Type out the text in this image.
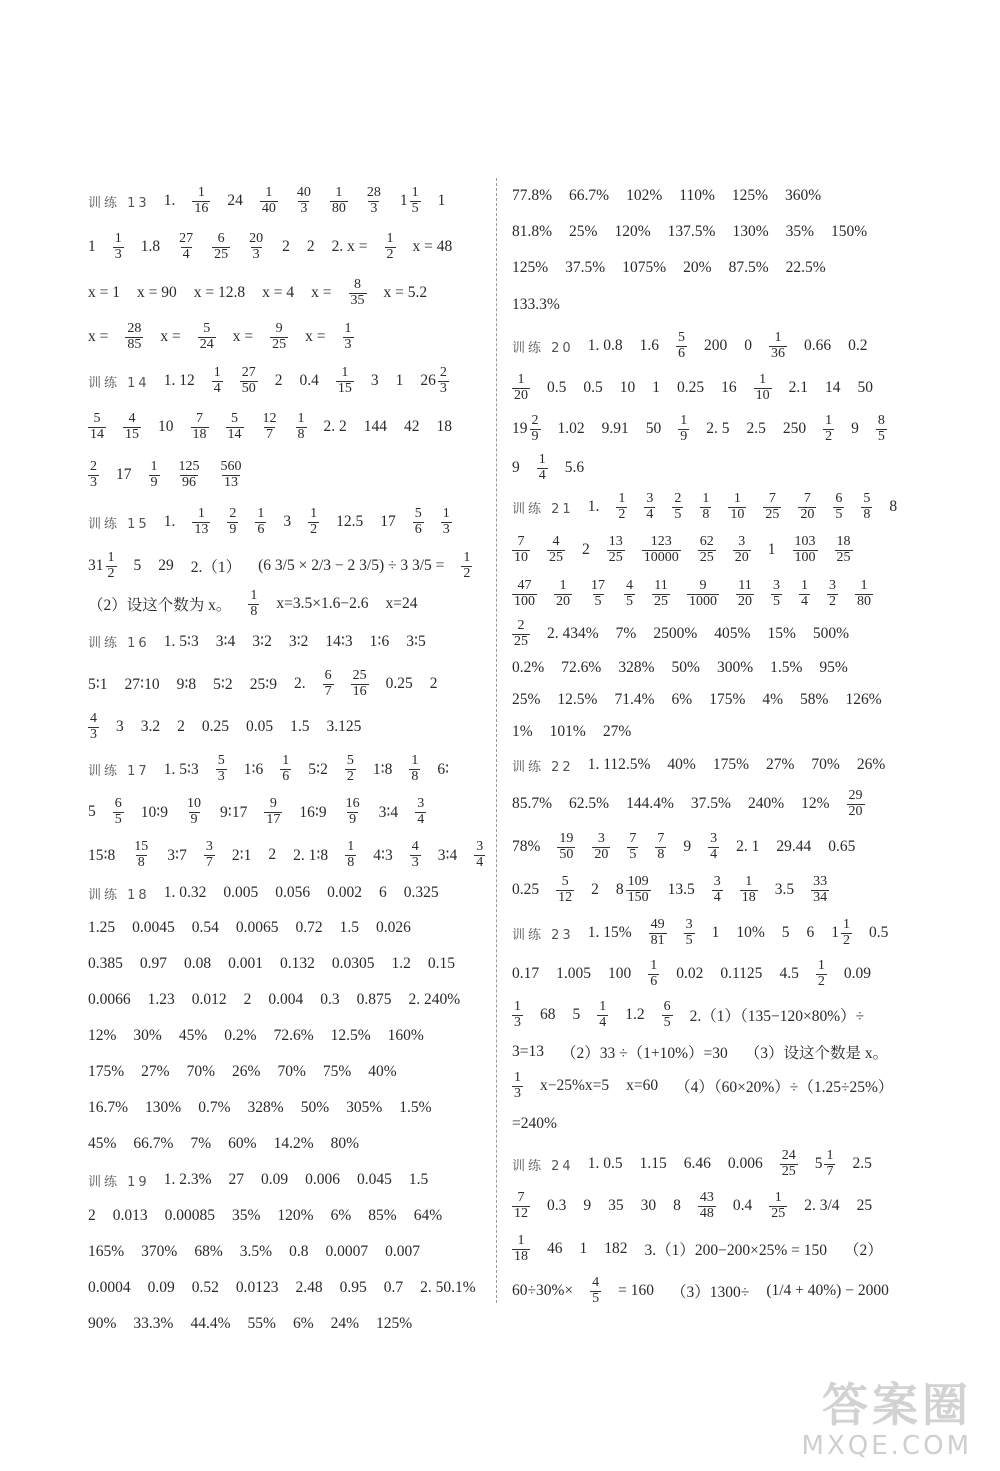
训练 13 1. $\frac{1}{16} 24 \frac{1}{40} \frac{40}{3} \frac{1}{80} \frac{28}{3} 1 \frac{1}{5} 1$
$1 \frac{1}{3} 1.8 \frac{27}{4} \frac{6}{25} \frac{20}{3} 2$ 2 2. $x = \frac{1}{2}$ x = 48
x = 1 x = 90 x = 12.8 x = 4 $x = \frac{8}{35}$ x = 5.2
$x = \frac{28}{85}$ $x = \frac{5}{24}$ $x = \frac{9}{25}$ $x = \frac{1}{3}$
训练 14 1. $12 \frac{1}{4} \frac{27}{50} 2$ $0.4 \frac{1}{15} 3$ 1 $26 \frac{2}{3}$
$\frac{5}{14} \frac{4}{15} 10 \frac{7}{18} \frac{5}{14} \frac{12}{7} \frac{1}{8} 2$. 2 144 42 18
$\frac{2}{3} 17 \frac{1}{9} \frac{125}{96} \frac{560}{13}$
训练 15 1. $\frac{1}{13} \frac{2}{9} \frac{1}{6} 3 \frac{1}{2} 12.5$ $17 \frac{5}{6} \frac{1}{3}$
$31 \frac{1}{2} 5$ 29 2.（1） (6 3/5 × 2/3 − 2 3/5) ÷ 3 $3/5 = \frac{1}{2}$
（2）设这个数为 x。 $\frac{1}{8} x=3.5\times 1.6-2.6$ x=24
训练 16 1. 5∶3 3∶4 3∶2 3∶2 14∶3 1∶6 3∶5
5∶1 27∶10 9∶8 5∶2 25∶9 2. $\frac{6}{7} \frac{25}{16} 0.25$ 2
$\frac{4}{3} 3$ 3.2 2 0.25 0.05 1.5 3.125
训练 17 1. 5∶3 $\frac{5}{3}$ 1∶6 $\frac{1}{6}$ 5∶2 $\frac{5}{2}$ 1∶8 $\frac{1}{8}$ 6∶
$5 \frac{6}{5}$ 10∶9 $\frac{10}{9}$ 9∶17 $\frac{9}{17}$ 16∶9 $\frac{16}{9}$ 3∶4 $\frac{3}{4}$
15∶8 $\frac{15}{8}$ 3∶7 $\frac{3}{7}$ 2∶1 2 2. 1∶8 $\frac{1}{8}$ 4∶3 $\frac{4}{3}$ 3∶4 $\frac{3}{4}$
训练 18 1. 0.32 0.005 0.056 0.002 6 0.325
1.25 0.0045 0.54 0.0065 0.72 1.5 0.026
0.385 0.97 0.08 0.001 0.132 0.0305 1.2 0.15
0.0066 1.23 0.012 2 0.004 0.3 0.875 2. 240%
12% 30% 45% 0.2% 72.6% 12.5% 160%
175% 27% 70% 26% 70% 75% 40%
16.7% 130% 0.7% 328% 50% 305% 1.5%
45% 66.7% 7% 60% 14.2% 80%
训练 19 1. 2.3% 27 0.09 0.006 0.045 1.5
2 0.013 0.00085 35% 120% 6% 85% 64%
165% 370% 68% 3.5% 0.8 0.0007 0.007
0.0004 0.09 0.52 0.0123 2.48 0.95 0.7 2. 50.1%
90% 33.3% 44.4% 55% 6% 24% 125%
77.8% 66.7% 102% 110% 125% 360%
81.8% 25% 120% 137.5% 130% 35% 150%
125% 37.5% 1075% 20% 87.5% 22.5%
133.3%
训练 20 1. 0.8 $1.6 \frac{5}{6} 200$ $0 \frac{1}{36} 0.66$ 0.2
$\frac{1}{20} 0.5$ 0.5 10 1 0.25 $16 \frac{1}{10} 2.1$ 14 50
$19 \frac{2}{9} 1.02$ 9.91 $50 \frac{1}{9} 2$. 5 2.5 $250 \frac{1}{2} 9 \frac{8}{5}$
$9 \frac{1}{4} 5.6$
训练 21 1. $\frac{1}{2} \frac{3}{4} \frac{2}{5} \frac{1}{8} \frac{1}{10} \frac{7}{25} \frac{7}{20} \frac{6}{5} \frac{5}{8} 8$
$\frac{7}{10} \frac{4}{25} 2 \frac{13}{25} \frac{123}{10000} \frac{62}{25} \frac{3}{20} 1 \frac{103}{100} \frac{18}{25}$
$\frac{47}{100} \frac{1}{20} \frac{17}{5} \frac{4}{5} \frac{11}{25} \frac{9}{1000} \frac{11}{20} \frac{3}{5} \frac{1}{4} \frac{3}{2} \frac{1}{80}$
$\frac{2}{25} 2$. 434% 7% 2500% 405% 15% 500%
0.2% 72.6% 328% 50% 300% 1.5% 95%
25% 12.5% 71.4% 6% 175% 4% 58% 126%
1% 101% 27%
训练 22 1. 112.5% 40% 175% 27% 70% 26%
85.7% 62.5% 144.4% 37.5% 240% $12\% \frac{29}{20}$
$78\% \frac{19}{50} \frac{3}{20} \frac{7}{5} \frac{7}{8} 9 \frac{3}{4} 2$. 1 29.44 0.65
$0.25 \frac{5}{12} 2$ $8 \frac{109}{150} 13.5 \frac{3}{4} \frac{1}{18} 3.5 \frac{33}{34}$
训练 23 1. $15\% \frac{49}{81} \frac{3}{5} 1$ 10% 5 6 $1 \frac{1}{2} 0.5$
0.17 1.005 $100 \frac{1}{6} 0.02$ 0.1125 $4.5 \frac{1}{2} 0.09$
$\frac{1}{3} 68$ $5 \frac{1}{4} 1.2 \frac{6}{5} 2.(1)(135-120\times 80\%)\div$
3=13 （2）33 ÷（1+10%）=30 （3）设这个数是 x。
$\frac{1}{3} x-25\%x=5$ x=60 （4）（60×20%）÷（1.25÷25%）
=240%
训练 24 1. 0.5 1.15 6.46 $0.006 \frac{24}{25} 5 \frac{1}{7} 2.5$
$\frac{7}{12} 0.3$ 9 35 30 $8 \frac{43}{48} 0.4 \frac{1}{25} 2$. 3/4 25
$\frac{1}{18} 46$ 1 182 3.（1）200−200×25% = 150 （2）
$60\div 30\%\times \frac{4}{5} = 160$ （3）1300÷ (1/4 + 40%) − 2000
答案圈
MXQE.COM
